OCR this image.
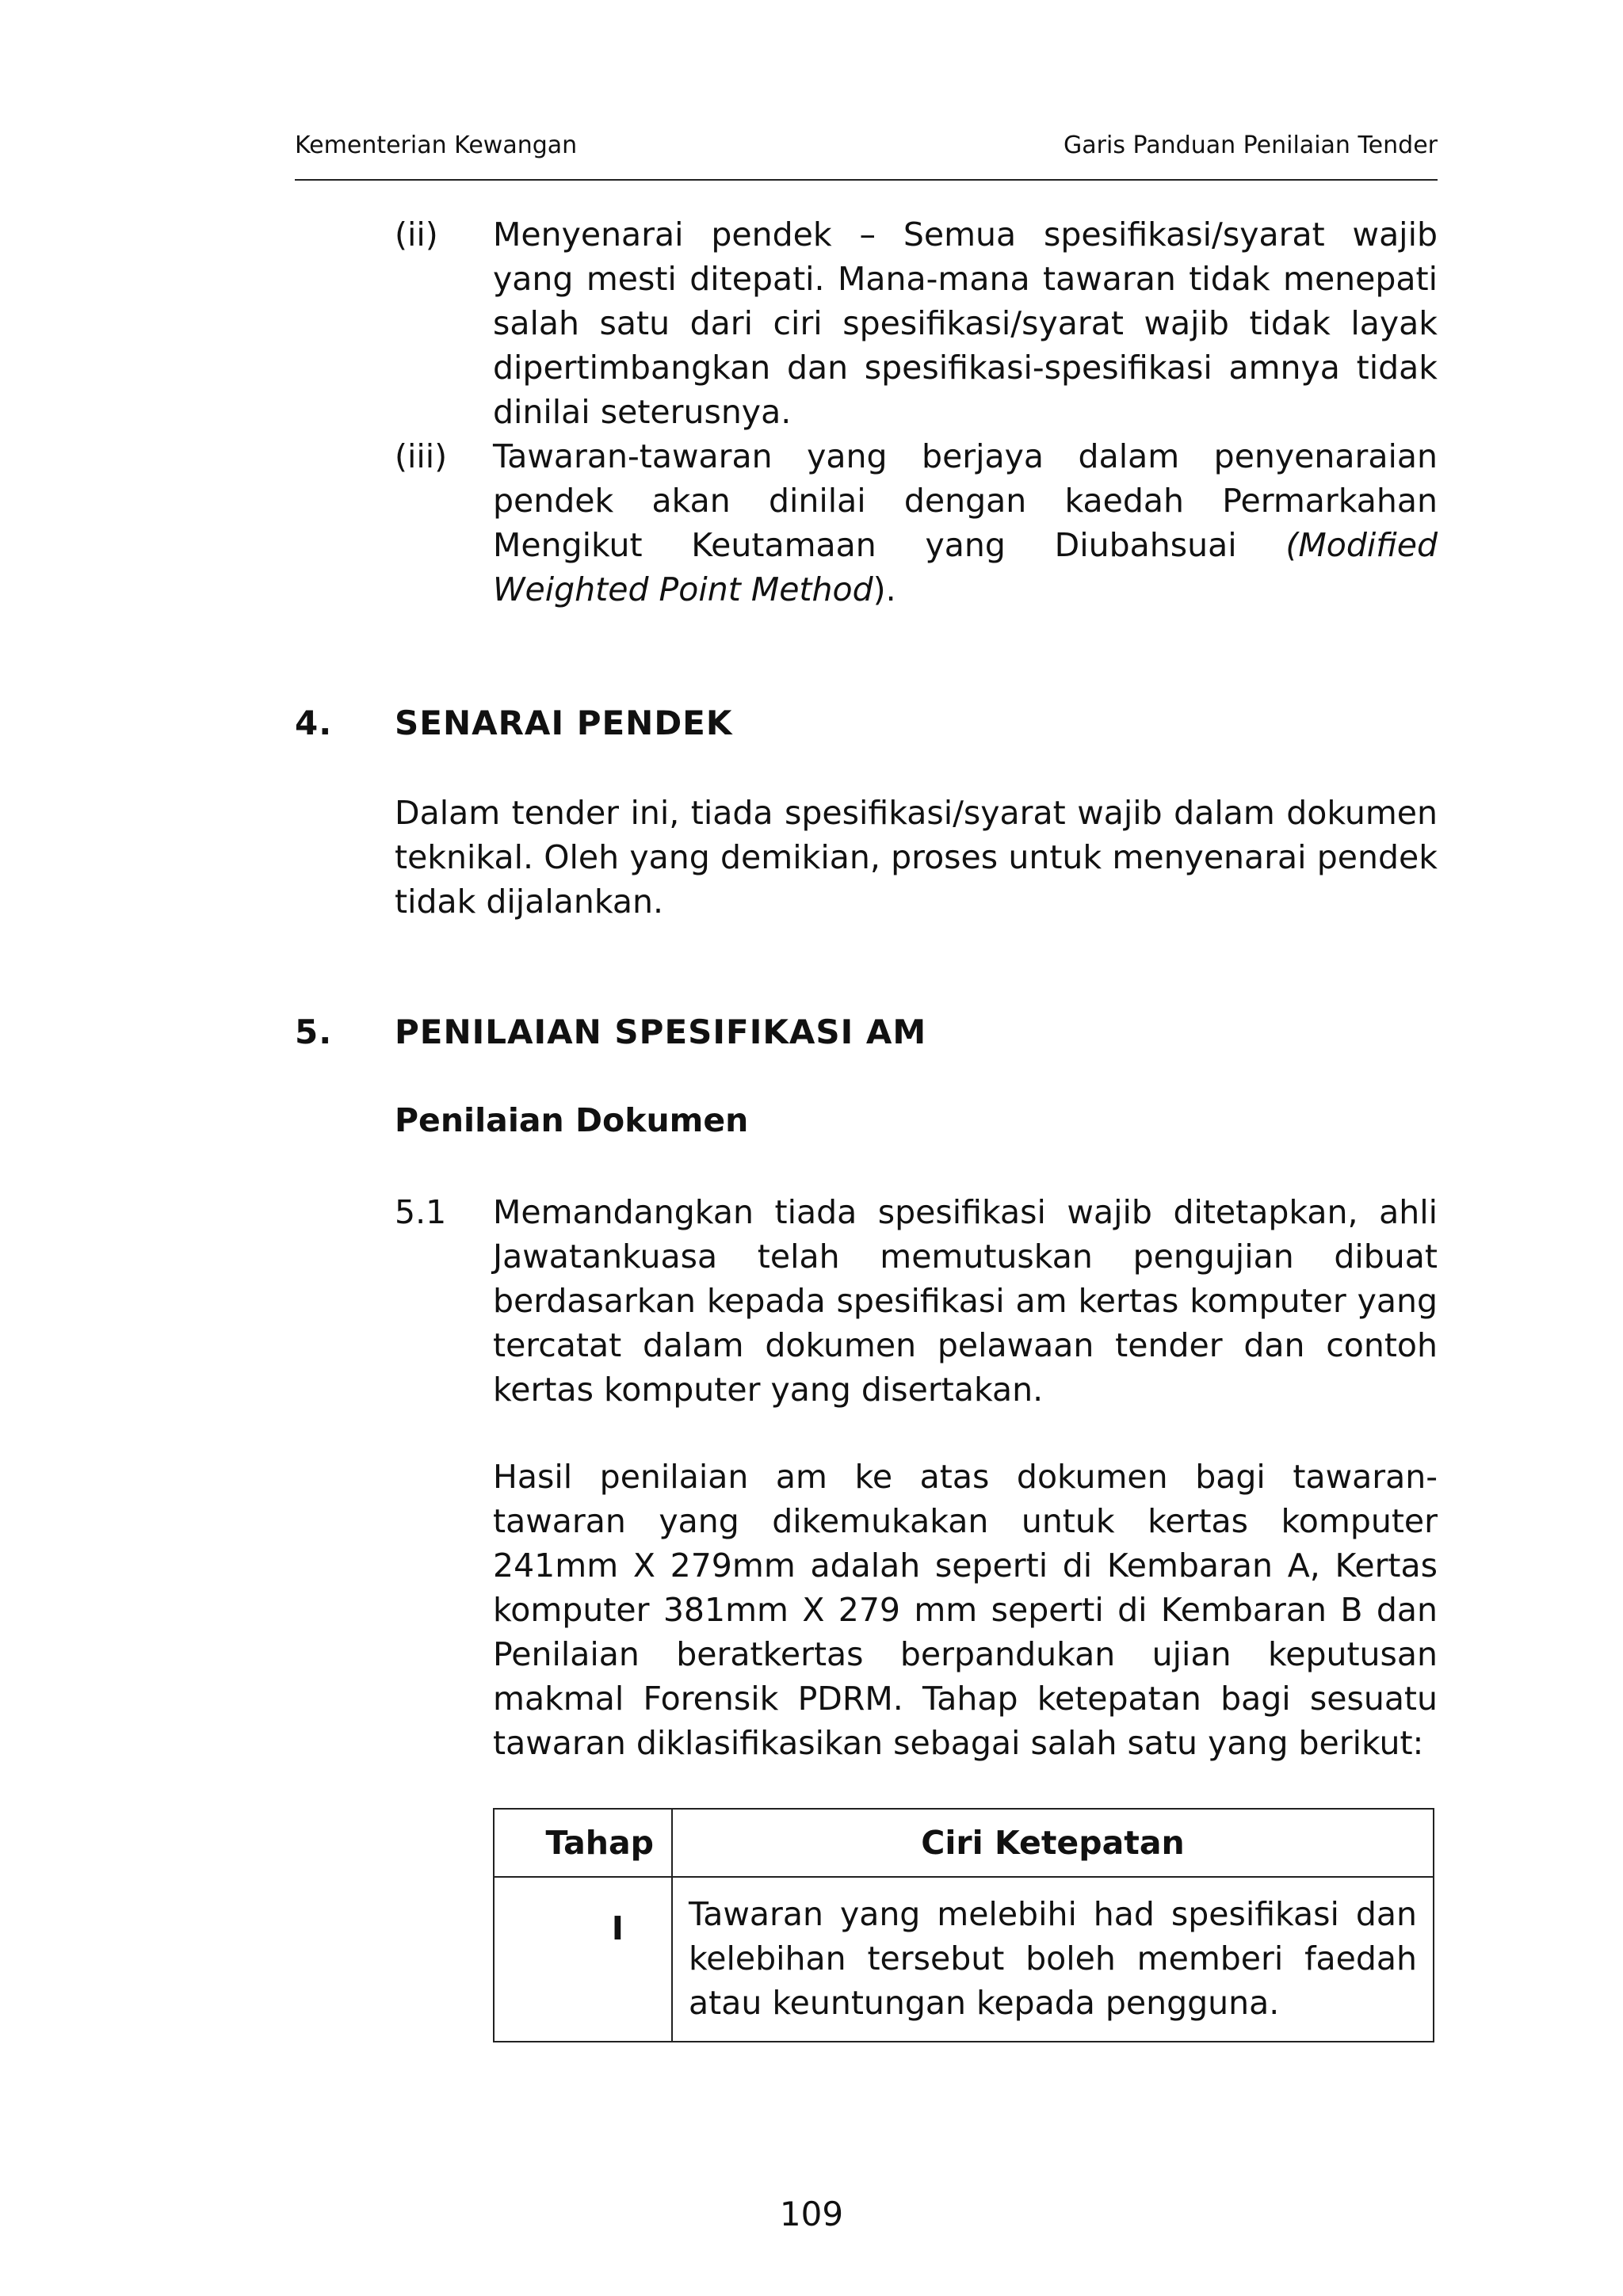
Kementerian Kewangan	Garis Panduan Penilaian Tender
(ii) Menyenarai pendek – Semua spesifikasi/syarat wajib yang mesti ditepati. Mana-mana tawaran tidak menepati salah satu dari ciri spesifikasi/syarat wajib tidak layak dipertimbangkan dan spesifikasi-spesifikasi amnya tidak dinilai seterusnya.
(iii) Tawaran-tawaran yang berjaya dalam penyenaraian pendek akan dinilai dengan kaedah Permarkahan Mengikut Keutamaan yang Diubahsuai (Modified Weighted Point Method).
4. SENARAI PENDEK
Dalam tender ini, tiada spesifikasi/syarat wajib dalam dokumen teknikal. Oleh yang demikian, proses untuk menyenarai pendek tidak dijalankan.
5. PENILAIAN SPESIFIKASI AM
Penilaian Dokumen
5.1 Memandangkan tiada spesifikasi wajib ditetapkan, ahli Jawatankuasa telah memutuskan pengujian dibuat berdasarkan kepada spesifikasi am kertas komputer yang tercatat dalam dokumen pelawaan tender dan contoh kertas komputer yang disertakan.
Hasil penilaian am ke atas dokumen bagi tawaran-tawaran yang dikemukakan untuk kertas komputer 241mm X 279mm adalah seperti di Kembaran A, Kertas komputer 381mm X 279 mm seperti di Kembaran B dan Penilaian beratkertas berpandukan ujian keputusan makmal Forensik PDRM. Tahap ketepatan bagi sesuatu tawaran diklasifikasikan sebagai salah satu yang berikut:
Tahap	Ciri Ketepatan
I	Tawaran yang melebihi had spesifikasi dan kelebihan tersebut boleh memberi faedah atau keuntungan kepada pengguna.
109
